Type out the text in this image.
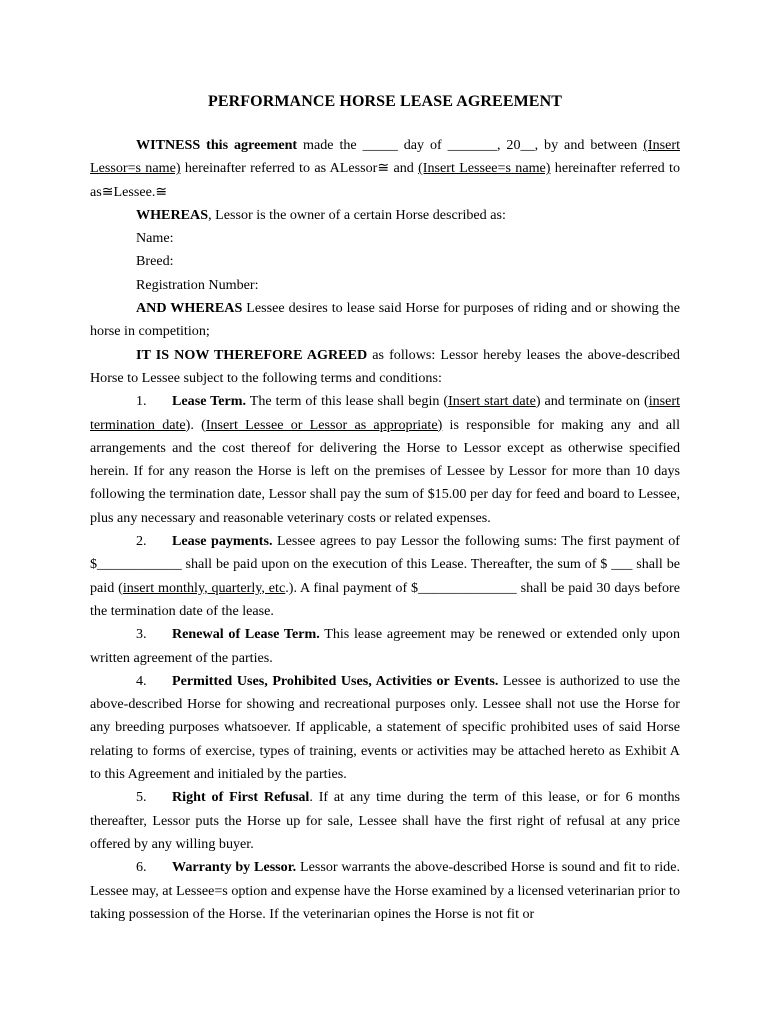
PERFORMANCE HORSE LEASE AGREEMENT

WITNESS this agreement made the _____ day of _______, 20__, by and between (Insert Lessor=s name) hereinafter referred to as ALessor≅ and (Insert Lessee=s name) hereinafter referred to as≅Lessee.≅

WHEREAS, Lessor is the owner of a certain Horse described as:

Name:

Breed:

Registration Number:

AND WHEREAS Lessee desires to lease said Horse for purposes of riding and or showing the horse in competition;

IT IS NOW THEREFORE AGREED as follows: Lessor hereby leases the above-described Horse to Lessee subject to the following terms and conditions:

1. Lease Term. The term of this lease shall begin (Insert start date) and terminate on (insert termination date). (Insert Lessee or Lessor as appropriate) is responsible for making any and all arrangements and the cost thereof for delivering the Horse to Lessor except as otherwise specified herein. If for any reason the Horse is left on the premises of Lessee by Lessor for more than 10 days following the termination date, Lessor shall pay the sum of $15.00 per day for feed and board to Lessee, plus any necessary and reasonable veterinary costs or related expenses.

2. Lease payments. Lessee agrees to pay Lessor the following sums: The first payment of $____________ shall be paid upon on the execution of this Lease. Thereafter, the sum of $ ___ shall be paid (insert monthly, quarterly, etc.). A final payment of $______________ shall be paid 30 days before the termination date of the lease.

3. Renewal of Lease Term. This lease agreement may be renewed or extended only upon written agreement of the parties.

4. Permitted Uses, Prohibited Uses, Activities or Events. Lessee is authorized to use the above-described Horse for showing and recreational purposes only. Lessee shall not use the Horse for any breeding purposes whatsoever. If applicable, a statement of specific prohibited uses of said Horse relating to forms of exercise, types of training, events or activities may be attached hereto as Exhibit A to this Agreement and initialed by the parties.

5. Right of First Refusal. If at any time during the term of this lease, or for 6 months thereafter, Lessor puts the Horse up for sale, Lessee shall have the first right of refusal at any price offered by any willing buyer.

6. Warranty by Lessor. Lessor warrants the above-described Horse is sound and fit to ride. Lessee may, at Lessee=s option and expense have the Horse examined by a licensed veterinarian prior to taking possession of the Horse. If the veterinarian opines the Horse is not fit or
